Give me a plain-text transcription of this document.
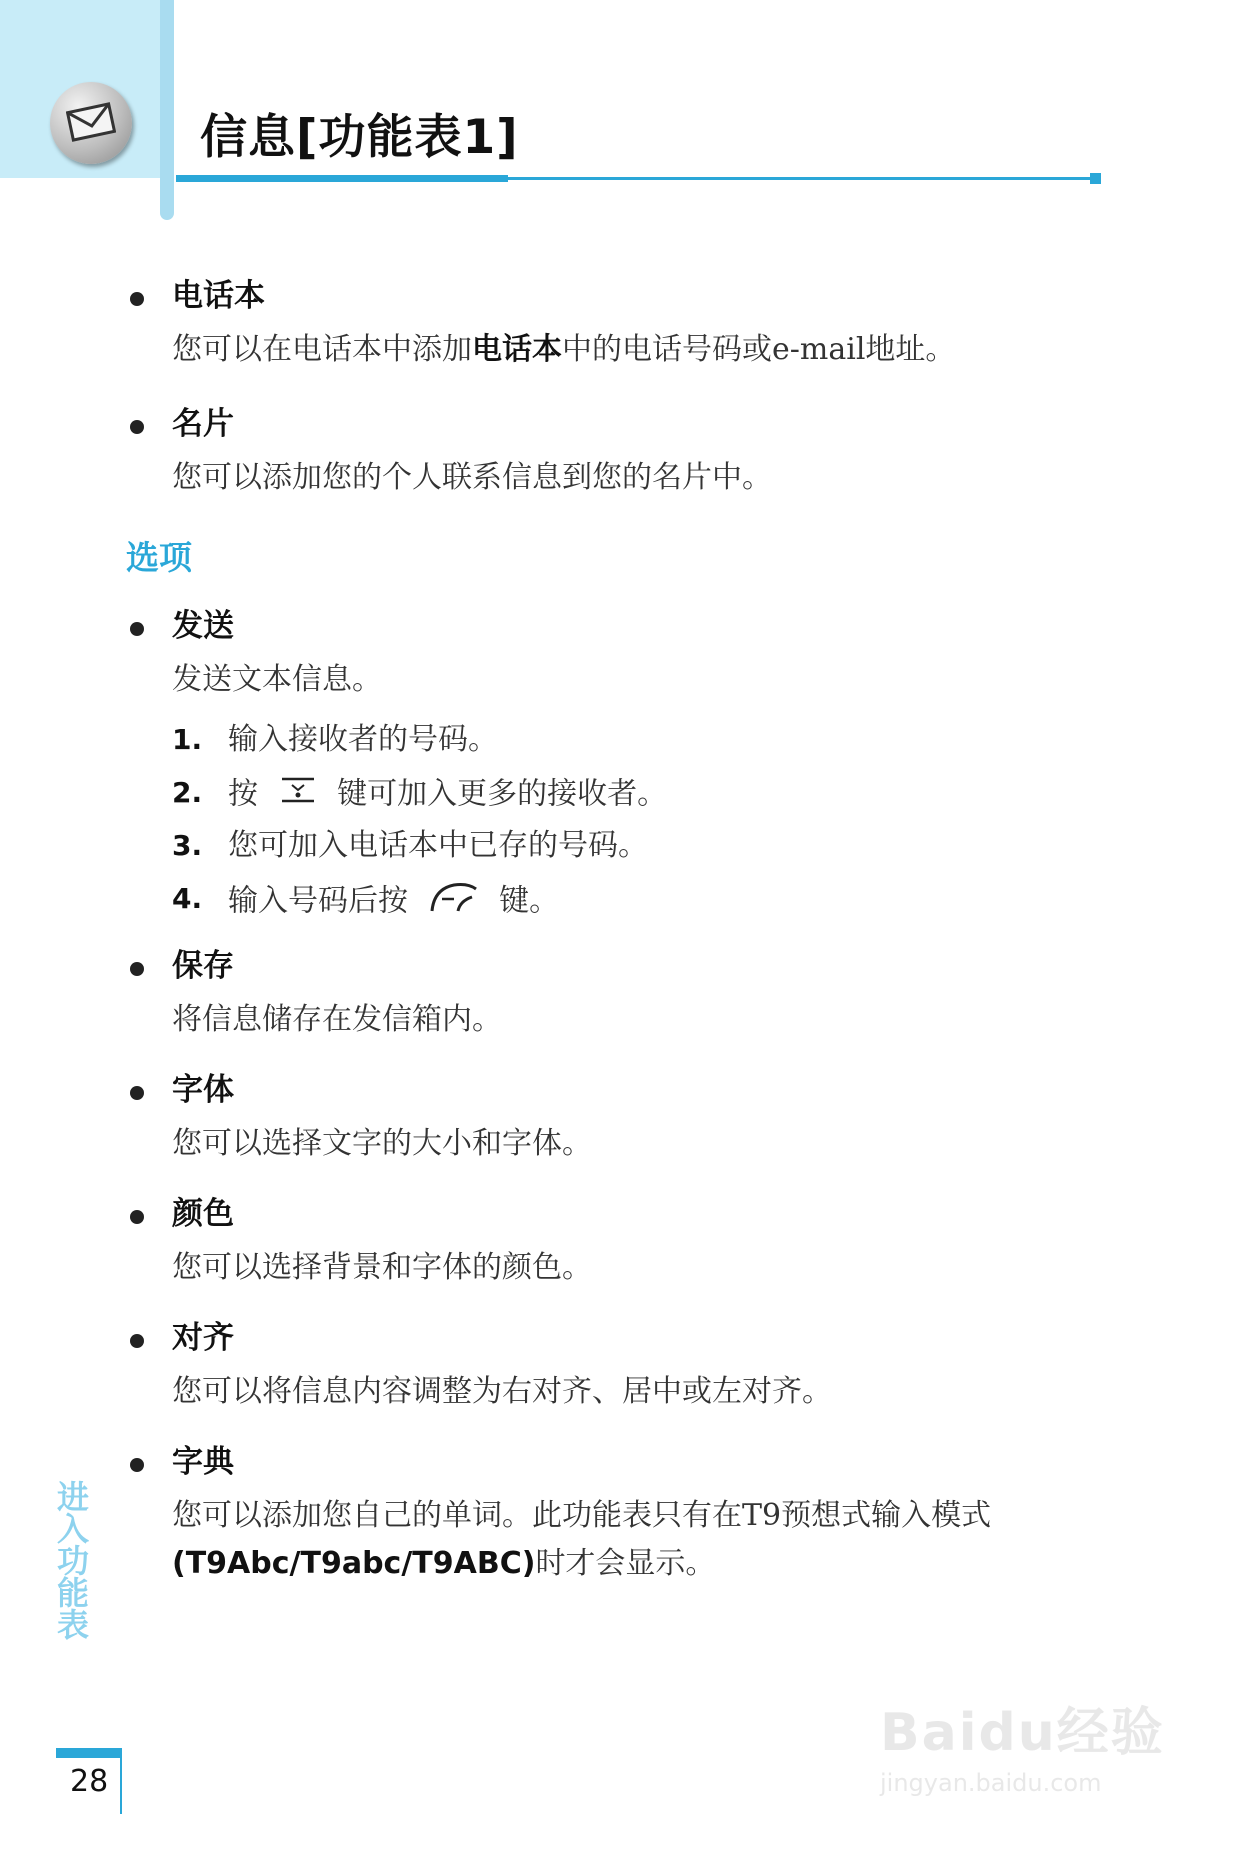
信息[功能表1]
电话本
您可以在电话本中添加电话本中的电话号码或e-mail地址。
名片
您可以添加您的个人联系信息到您的名片中。
选项
发送
发送文本信息。
1. 输入接收者的号码。
2. 按	键可加入更多的接收者。
3. 您可加入电话本中已存的号码。
4. 输入号码后按	键。
保存
将信息储存在发信箱内。
字体
您可以选择文字的大小和字体。
颜色
您可以选择背景和字体的颜色。
对齐
您可以将信息内容调整为右对齐、居中或左对齐。
字典
您可以添加您自己的单词。此功能表只有在T9预想式输入模式
(T9Abc/T9abc/T9ABC)时才会显示。
进入功能表
28
Baidu经验
jingyan.baidu.com
